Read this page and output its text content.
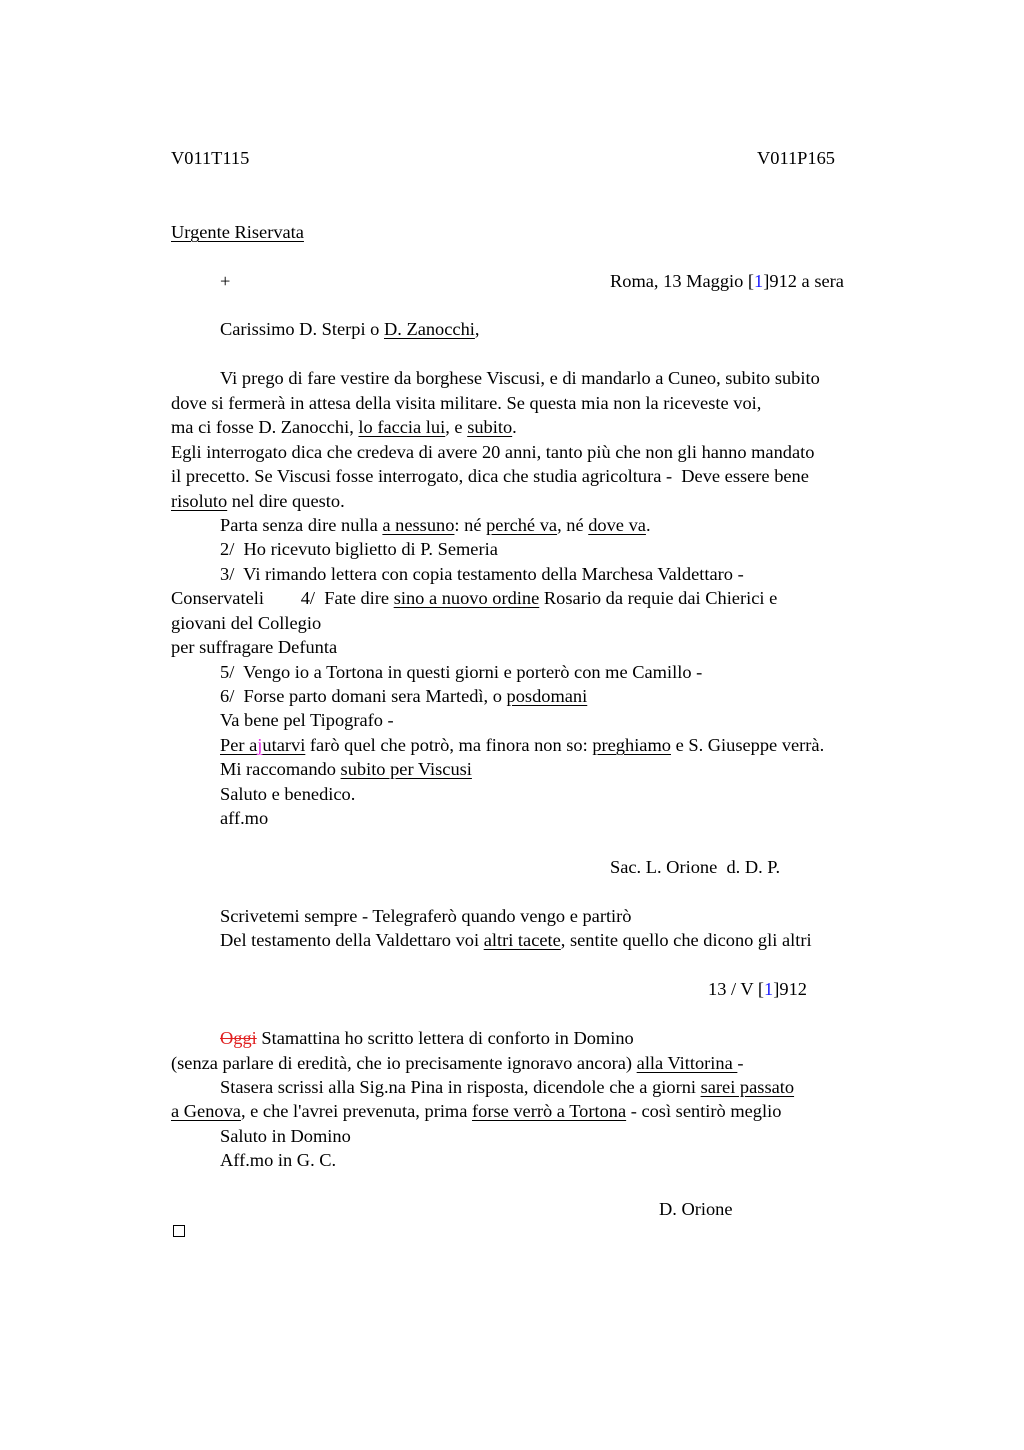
V011T115	V011P165
Urgente Riservata
+	Roma, 13 Maggio [1]912 a sera
Carissimo D. Sterpi o D. Zanocchi,
Vi prego di fare vestire da borghese Viscusi, e di mandarlo a Cuneo, subito subito
dove si fermerà in attesa della visita militare. Se questa mia non la riceveste voi,
ma ci fosse D. Zanocchi, lo faccia lui, e subito.
Egli interrogato dica che credeva di avere 20 anni, tanto più che non gli hanno mandato
il precetto. Se Viscusi fosse interrogato, dica che studia agricoltura -  Deve essere bene
risoluto nel dire questo.
Parta senza dire nulla a nessuno: né perché va, né dove va.
2/  Ho ricevuto biglietto di P. Semeria
3/  Vi rimando lettera con copia testamento della Marchesa Valdettaro -
Conservateli        4/  Fate dire sino a nuovo ordine Rosario da requie dai Chierici e
giovani del Collegio
per suffragare Defunta
5/  Vengo io a Tortona in questi giorni e porterò con me Camillo -
6/  Forse parto domani sera Martedì, o posdomani
Va bene pel Tipografo -
Per ajutarvi farò quel che potrò, ma finora non so: preghiamo e S. Giuseppe verrà.
Mi raccomando subito per Viscusi
Saluto e benedico.
aff.mo
Sac. L. Orione  d. D. P.
Scrivetemi sempre - Telegraferò quando vengo e partirò
Del testamento della Valdettaro voi altri tacete, sentite quello che dicono gli altri
13 / V [1]912
Oggi Stamattina ho scritto lettera di conforto in Domino
(senza parlare di eredità, che io precisamente ignoravo ancora) alla Vittorina -
Stasera scrissi alla Sig.na Pina in risposta, dicendole che a giorni sarei passato
a Genova, e che l'avrei prevenuta, prima forse verrò a Tortona - così sentirò meglio
Saluto in Domino
Aff.mo in G. C.
D. Orione
